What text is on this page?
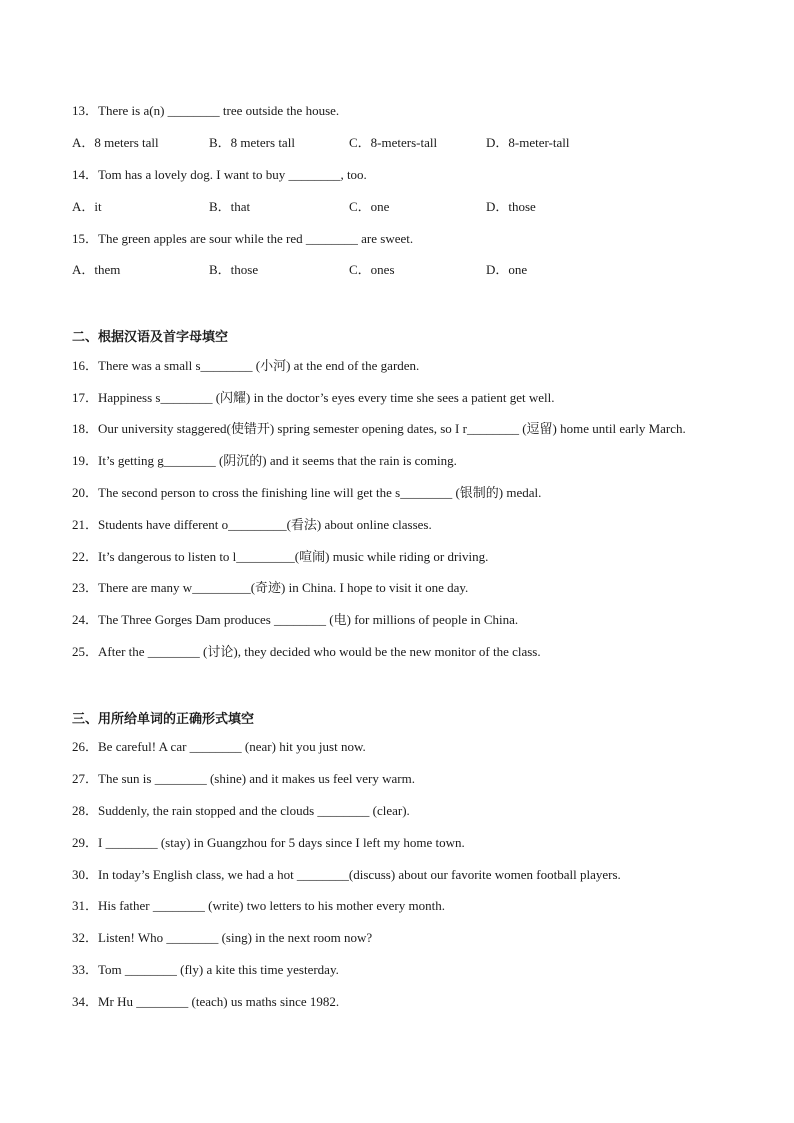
13．There is a(n) ________ tree outside the house.
A．8 meters tall	B．8 meters tall	C．8-meters-tall	D．8-meter-tall
14．Tom has a lovely dog. I want to buy ________, too.
A．it	B．that	C．one	D．those
15．The green apples are sour while the red ________ are sweet.
A．them	B．those	C．ones	D．one
二、根据汉语及首字母填空
16．There was a small s________ (小河) at the end of the garden.
17．Happiness s________ (闪耀) in the doctor’s eyes every time she sees a patient get well.
18．Our university staggered(使错开) spring semester opening dates, so I r________ (逗留) home until early March.
19．It’s getting g________ (阴沉的) and it seems that the rain is coming.
20．The second person to cross the finishing line will get the s________ (银制的) medal.
21．Students have different o_________(看法) about online classes.
22．It’s dangerous to listen to l_________(喧闹) music while riding or driving.
23．There are many w_________(奇迹) in China. I hope to visit it one day.
24．The Three Gorges Dam produces ________ (电) for millions of people in China.
25．After the ________ (讨论), they decided who would be the new monitor of the class.
三、用所给单词的正确形式填空
26．Be careful! A car ________ (near) hit you just now.
27．The sun is ________ (shine) and it makes us feel very warm.
28．Suddenly, the rain stopped and the clouds ________ (clear).
29．I ________ (stay) in Guangzhou for 5 days since I left my home town.
30．In today’s English class, we had a hot ________(discuss) about our favorite women football players.
31．His father ________ (write) two letters to his mother every month.
32．Listen! Who ________ (sing) in the next room now?
33．Tom ________ (fly) a kite this time yesterday.
34．Mr Hu ________ (teach) us maths since 1982.
